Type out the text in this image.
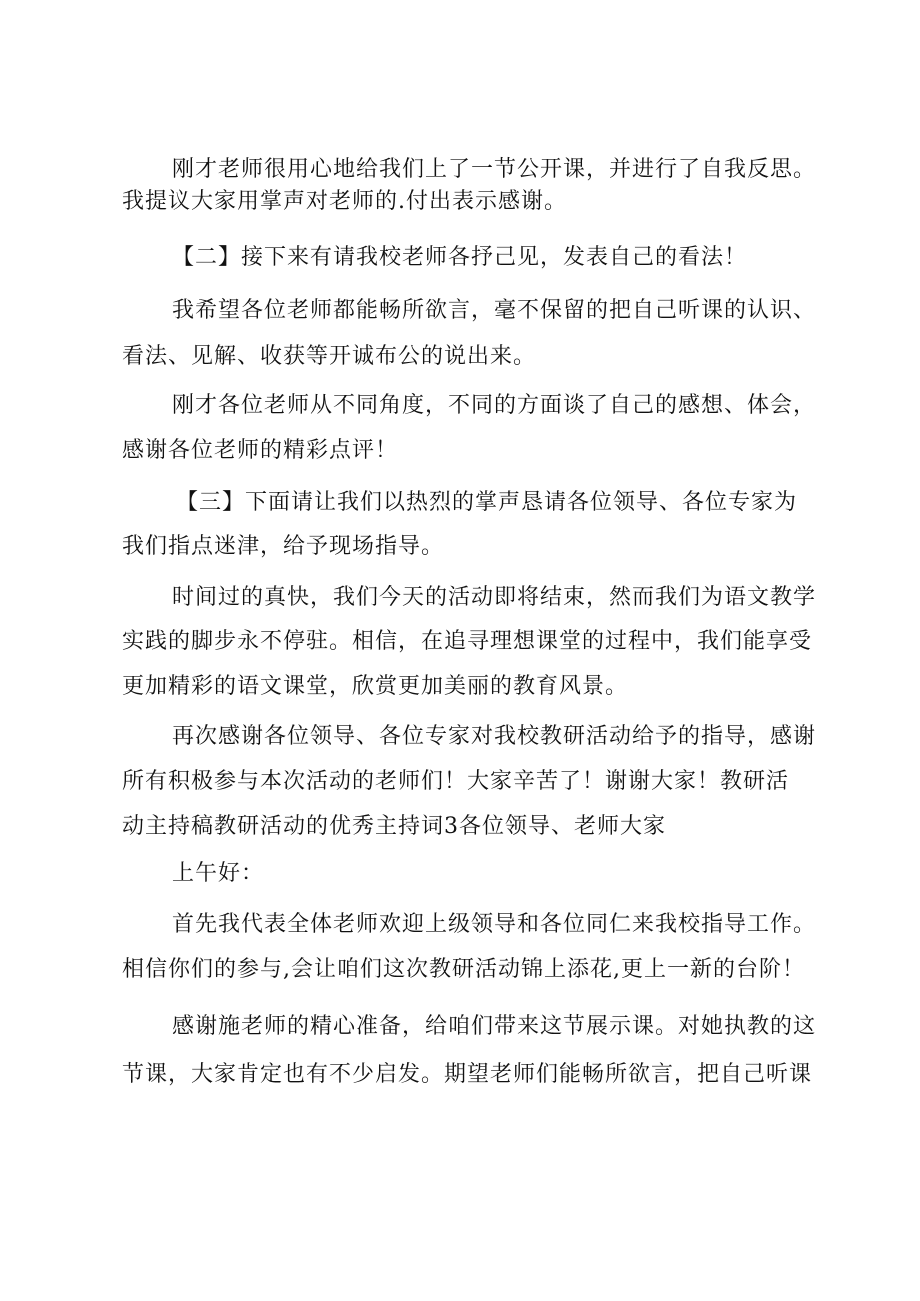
刚才老师很用心地给我们上了一节公开课，并进行了自我反思。
我提议大家用掌声对老师的.付出表示感谢。
【二】接下来有请我校老师各抒己见，发表自己的看法！
我希望各位老师都能畅所欲言，毫不保留的把自己听课的认识、
看法、见解、收获等开诚布公的说出来。
刚才各位老师从不同角度，不同的方面谈了自己的感想、体会，
感谢各位老师的精彩点评！
【三】下面请让我们以热烈的掌声恳请各位领导、各位专家为
我们指点迷津，给予现场指导。
时间过的真快，我们今天的活动即将结束，然而我们为语文教学
实践的脚步永不停驻。相信，在追寻理想课堂的过程中，我们能享受
更加精彩的语文课堂，欣赏更加美丽的教育风景。
再次感谢各位领导、各位专家对我校教研活动给予的指导，感谢
所有积极参与本次活动的老师们！大家辛苦了！谢谢大家！教研活
动主持稿教研活动的优秀主持词3各位领导、老师大家
上午好：
首先我代表全体老师欢迎上级领导和各位同仁来我校指导工作。
相信你们的参与,会让咱们这次教研活动锦上添花,更上一新的台阶！
感谢施老师的精心准备，给咱们带来这节展示课。对她执教的这
节课，大家肯定也有不少启发。期望老师们能畅所欲言，把自己听课
